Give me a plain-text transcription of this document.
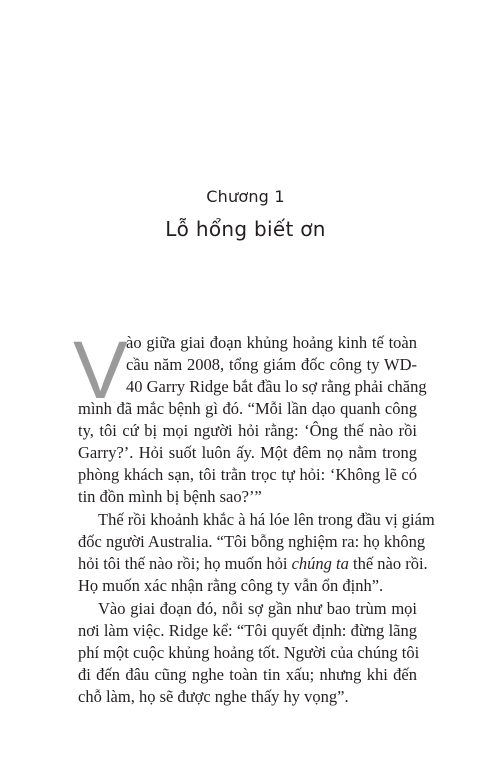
Chương 1
Lỗ hổng biết ơn
V
ào giữa giai đoạn khủng hoảng kinh tế toàn
cầu năm 2008, tổng giám đốc công ty WD-
40 Garry Ridge bắt đầu lo sợ rằng phải chăng
mình đã mắc bệnh gì đó. “Mỗi lần dạo quanh công
ty, tôi cứ bị mọi người hỏi rằng: ‘Ông thế nào rồi
Garry?’. Hỏi suốt luôn ấy. Một đêm nọ nằm trong
phòng khách sạn, tôi trằn trọc tự hỏi: ‘Không lẽ có
tin đồn mình bị bệnh sao?’”
Thế rồi khoảnh khắc à há lóe lên trong đầu vị giám
đốc người Australia. “Tôi bỗng nghiệm ra: họ không
hỏi tôi thế nào rồi; họ muốn hỏi chúng ta thế nào rồi.
Họ muốn xác nhận rằng công ty vẫn ổn định”.
Vào giai đoạn đó, nỗi sợ gần như bao trùm mọi
nơi làm việc. Ridge kể: “Tôi quyết định: đừng lãng
phí một cuộc khủng hoảng tốt. Người của chúng tôi
đi đến đâu cũng nghe toàn tin xấu; nhưng khi đến
chỗ làm, họ sẽ được nghe thấy hy vọng”.
